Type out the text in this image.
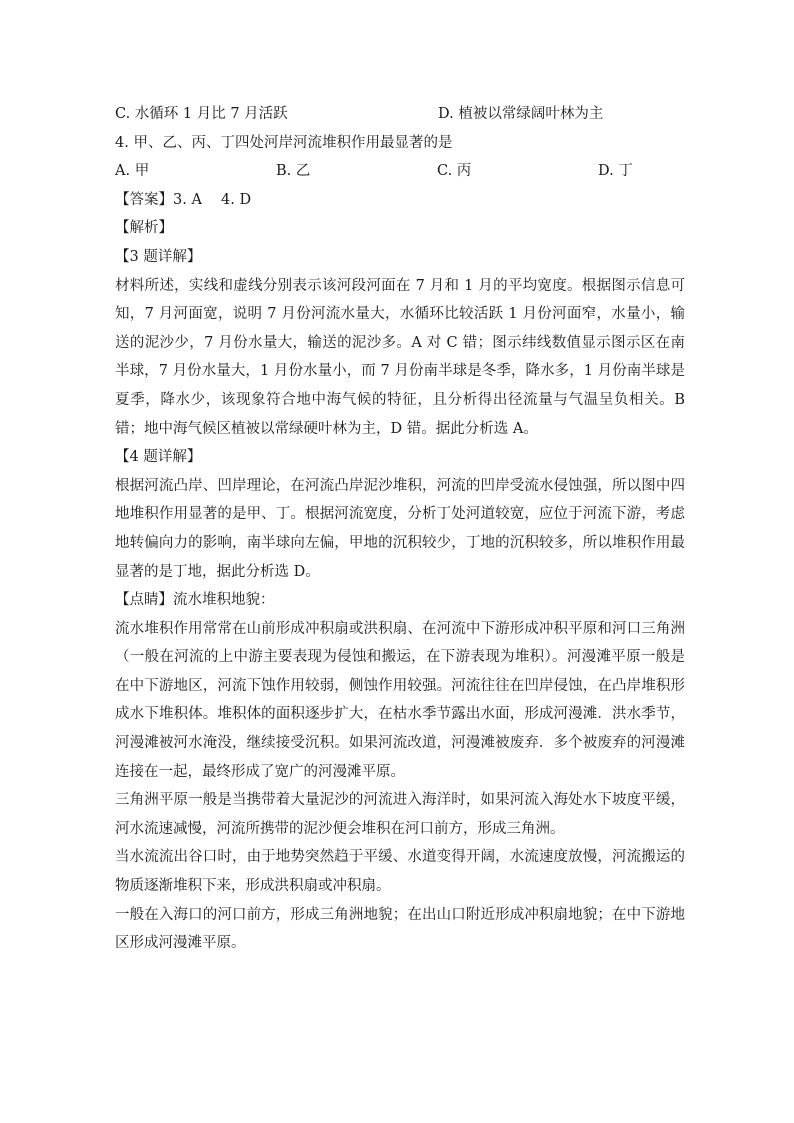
C. 水循环 1 月比 7 月活跃	D. 植被以常绿阔叶林为主
4. 甲、乙、丙、丁四处河岸河流堆积作用最显著的是
A. 甲	B. 乙	C. 丙	D. 丁
【答案】3. A　 4. D
【解析】
【3 题详解】

材料所述，实线和虚线分别表示该河段河面在 7 月和 1 月的平均宽度。根据图示信息可知，7 月河面宽，说明 7 月份河流水量大，水循环比较活跃 1 月份河面窄，水量小，输送的泥沙少，7 月份水量大，输送的泥沙多。A 对 C 错；图示纬线数值显示图示区在南半球，7 月份水量大，1 月份水量小，而 7 月份南半球是冬季，降水多，1 月份南半球是夏季，降水少，该现象符合地中海气候的特征，且分析得出径流量与气温呈负相关。B 错；地中海气候区植被以常绿硬叶林为主，D 错。据此分析选 A。

【4 题详解】

根据河流凸岸、凹岸理论，在河流凸岸泥沙堆积，河流的凹岸受流水侵蚀强，所以图中四地堆积作用显著的是甲、丁。根据河流宽度，分析丁处河道较宽，应位于河流下游，考虑地转偏向力的影响，南半球向左偏，甲地的沉积较少，丁地的沉积较多，所以堆积作用最显著的是丁地，据此分析选 D。

【点睛】流水堆积地貌：

流水堆积作用常常在山前形成冲积扇或洪积扇、在河流中下游形成冲积平原和河口三角洲（一般在河流的上中游主要表现为侵蚀和搬运，在下游表现为堆积）。河漫滩平原一般是在中下游地区，河流下蚀作用较弱，侧蚀作用较强。河流往往在凹岸侵蚀，在凸岸堆积形成水下堆积体。堆积体的面积逐步扩大，在枯水季节露出水面，形成河漫滩．洪水季节，河漫滩被河水淹没，继续接受沉积。如果河流改道，河漫滩被废弃．多个被废弃的河漫滩连接在一起，最终形成了宽广的河漫滩平原。

三角洲平原一般是当携带着大量泥沙的河流进入海洋时，如果河流入海处水下坡度平缓，河水流速减慢，河流所携带的泥沙便会堆积在河口前方，形成三角洲。

当水流流出谷口时，由于地势突然趋于平缓、水道变得开阔，水流速度放慢，河流搬运的物质逐渐堆积下来，形成洪积扇或冲积扇。

一般在入海口的河口前方，形成三角洲地貌；在出山口附近形成冲积扇地貌；在中下游地区形成河漫滩平原。
